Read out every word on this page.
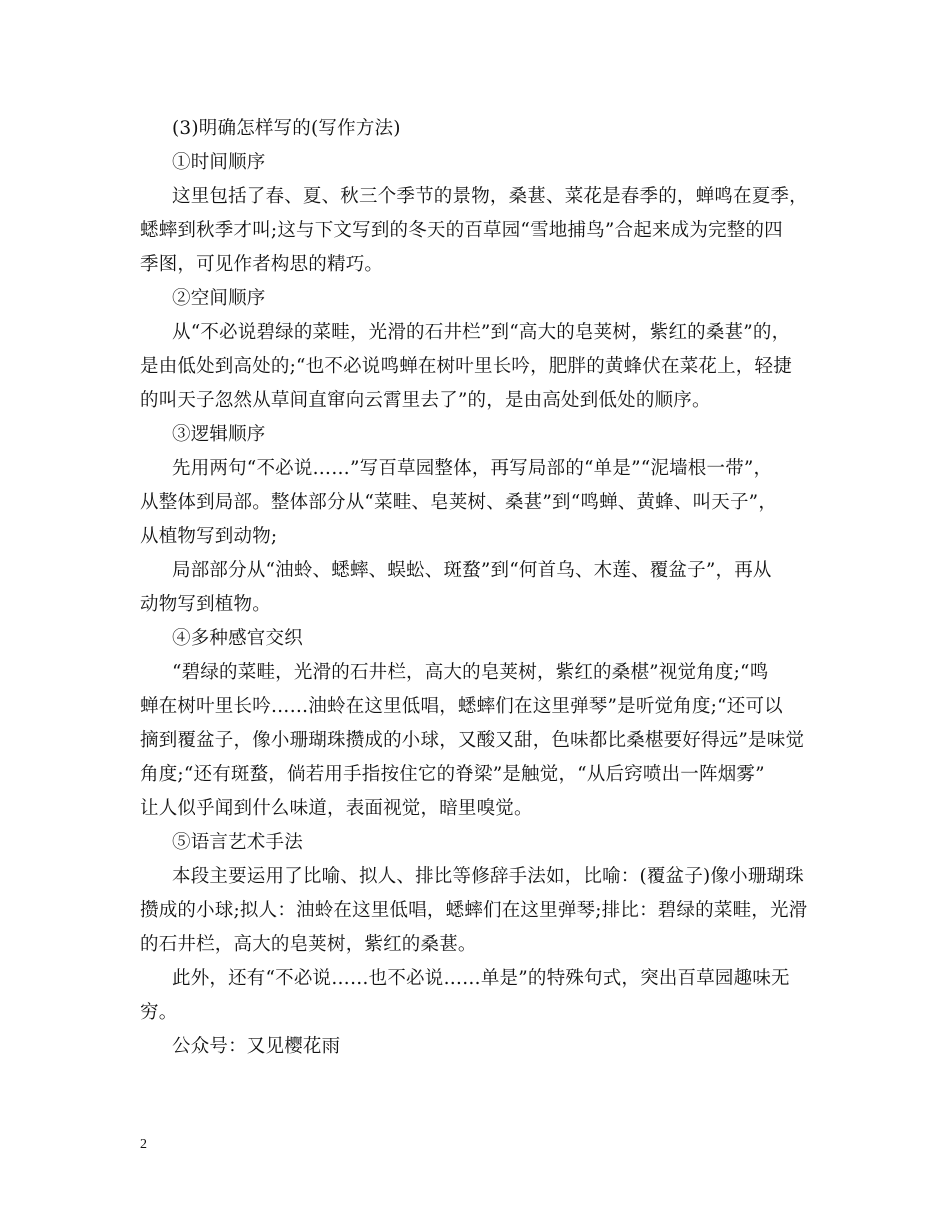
(3)明确怎样写的(写作方法)
①时间顺序
这里包括了春、夏、秋三个季节的景物，桑葚、菜花是春季的，蝉鸣在夏季，
蟋蟀到秋季才叫;这与下文写到的冬天的百草园“雪地捕鸟”合起来成为完整的四
季图，可见作者构思的精巧。
②空间顺序
从“不必说碧绿的菜畦，光滑的石井栏”到“高大的皂荚树，紫红的桑葚”的，
是由低处到高处的;“也不必说鸣蝉在树叶里长吟，肥胖的黄蜂伏在菜花上，轻捷
的叫天子忽然从草间直窜向云霄里去了”的，是由高处到低处的顺序。
③逻辑顺序
先用两句“不必说……”写百草园整体，再写局部的“单是”“泥墙根一带”，
从整体到局部。整体部分从“菜畦、皂荚树、桑葚”到“鸣蝉、黄蜂、叫天子”，
从植物写到动物;
局部部分从“油蛉、蟋蟀、蜈蚣、斑蝥”到“何首乌、木莲、覆盆子”，再从
动物写到植物。
④多种感官交织
“碧绿的菜畦，光滑的石井栏，高大的皂荚树，紫红的桑椹”视觉角度;“鸣
蝉在树叶里长吟……油蛉在这里低唱，蟋蟀们在这里弹琴”是听觉角度;“还可以
摘到覆盆子，像小珊瑚珠攒成的小球，又酸又甜，色味都比桑椹要好得远”是味觉
角度;“还有斑蝥，倘若用手指按住它的脊梁”是触觉，“从后窍喷出一阵烟雾”
让人似乎闻到什么味道，表面视觉，暗里嗅觉。
⑤语言艺术手法
本段主要运用了比喻、拟人、排比等修辞手法如，比喻：(覆盆子)像小珊瑚珠
攒成的小球;拟人：油蛉在这里低唱，蟋蟀们在这里弹琴;排比：碧绿的菜畦，光滑
的石井栏，高大的皂荚树，紫红的桑葚。
此外，还有“不必说……也不必说……单是”的特殊句式，突出百草园趣味无
穷。
公众号：又见樱花雨
2
